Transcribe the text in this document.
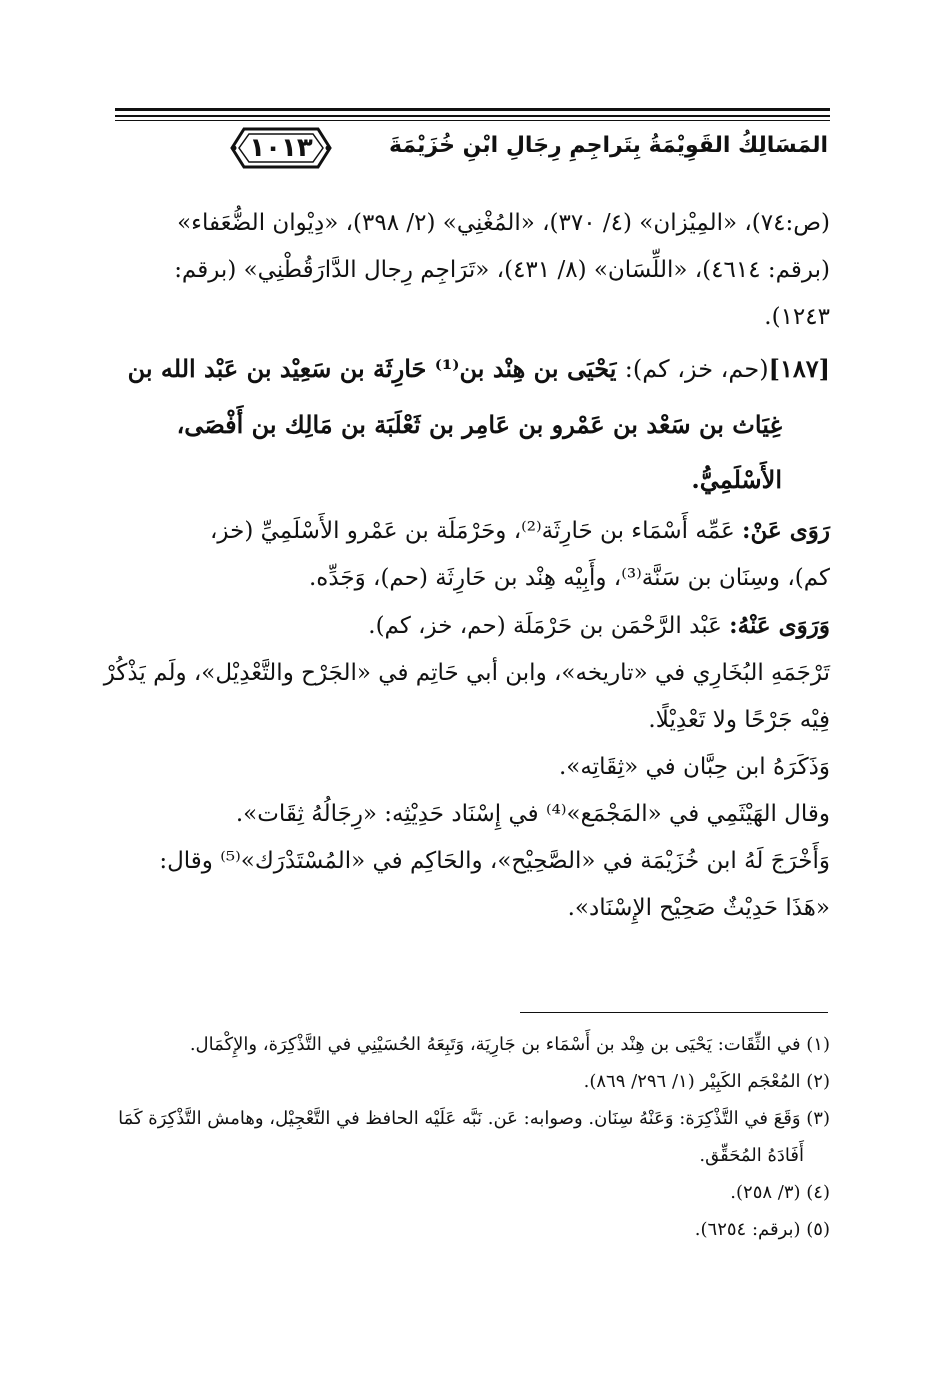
١٠١٣	المَسَالِكُ القَوِيْمَةُ بِتَراجِمِ رِجَالِ ابْنِ خُزَيْمَةَ
(ص:٧٤)، «المِيْزان» (٤/ ٣٧٠)، «المُغْنِي» (٢/ ٣٩٨)، «دِيْوان الضُّعَفاء»
(برقم: ٤٦١٤)، «اللِّسَان» (٨/ ٤٣١)، «تَرَاجِم رِجال الدَّارَقُطْنِي» (برقم:
١٢٤٣).
[١٨٧](حم، خز، كم): يَحْيَى بن هِنْد بن⁽¹⁾ حَارِثَة بن سَعِيْد بن عَبْد الله بن
غِيَاث بن سَعْد بن عَمْرو بن عَامِر بن ثَعْلَبَة بن مَالِك بن أَفْصَى،
الأَسْلَمِيُّ.
رَوَى عَنْ: عَمِّه أَسْمَاء بن حَارِثَة⁽²⁾، وحَرْمَلَة بن عَمْرو الأَسْلَمِيِّ (خز،
كم)، وسِنَان بن سَنَّة⁽³⁾، وأَبِيْه هِنْد بن حَارِثَة (حم)، وَجَدِّه.
وَرَوَى عَنْهُ: عَبْد الرَّحْمَن بن حَرْمَلَة (حم، خز، كم).
تَرْجَمَهِ البُخَارِي في «تاريخه»، وابن أبي حَاتِم في «الجَرْح والتَّعْدِيْل»، ولَم يَذْكُرْ
فِيْه جَرْحًا ولا تَعْدِيْلًا.
وَذَكَرَهُ ابن حِبَّان في «ثِقَاتِه».
وقال الهَيْثَمِي في «المَجْمَع»⁽⁴⁾ في إِسْنَاد حَدِيْثِه: «رِجَالُهُ ثِقَات».
وَأَخْرَجَ لَهُ ابن خُزَيْمَة في «الصَّحِيْح»، والحَاكِم في «المُسْتَدْرَك»⁽⁵⁾ وقال:
«هَذَا حَدِيْثٌ صَحِيْح الإِسْنَاد».
(١) في الثِّقَات: يَحْيَى بن هِنْد بن أَسْمَاء بن جَارِيَة، وَتَبِعَهُ الحُسَيْنِي في التَّذْكِرَة، والإِكْمَال.
(٢) المُعْجَم الكَبِيْر (١/ ٢٩٦/ ٨٦٩).
(٣) وَقَعَ في التَّذْكِرَة: وَعَنْهُ سِنَان. وصوابه: عَن. نَبَّه عَلَيْه الحافظ في التَّعْجِيْل، وهامش التَّذْكِرَة كَمَا
أَفَادَهُ المُحَقِّق.
(٤) (٣/ ٢٥٨).
(٥) (برقم: ٦٢٥٤).
